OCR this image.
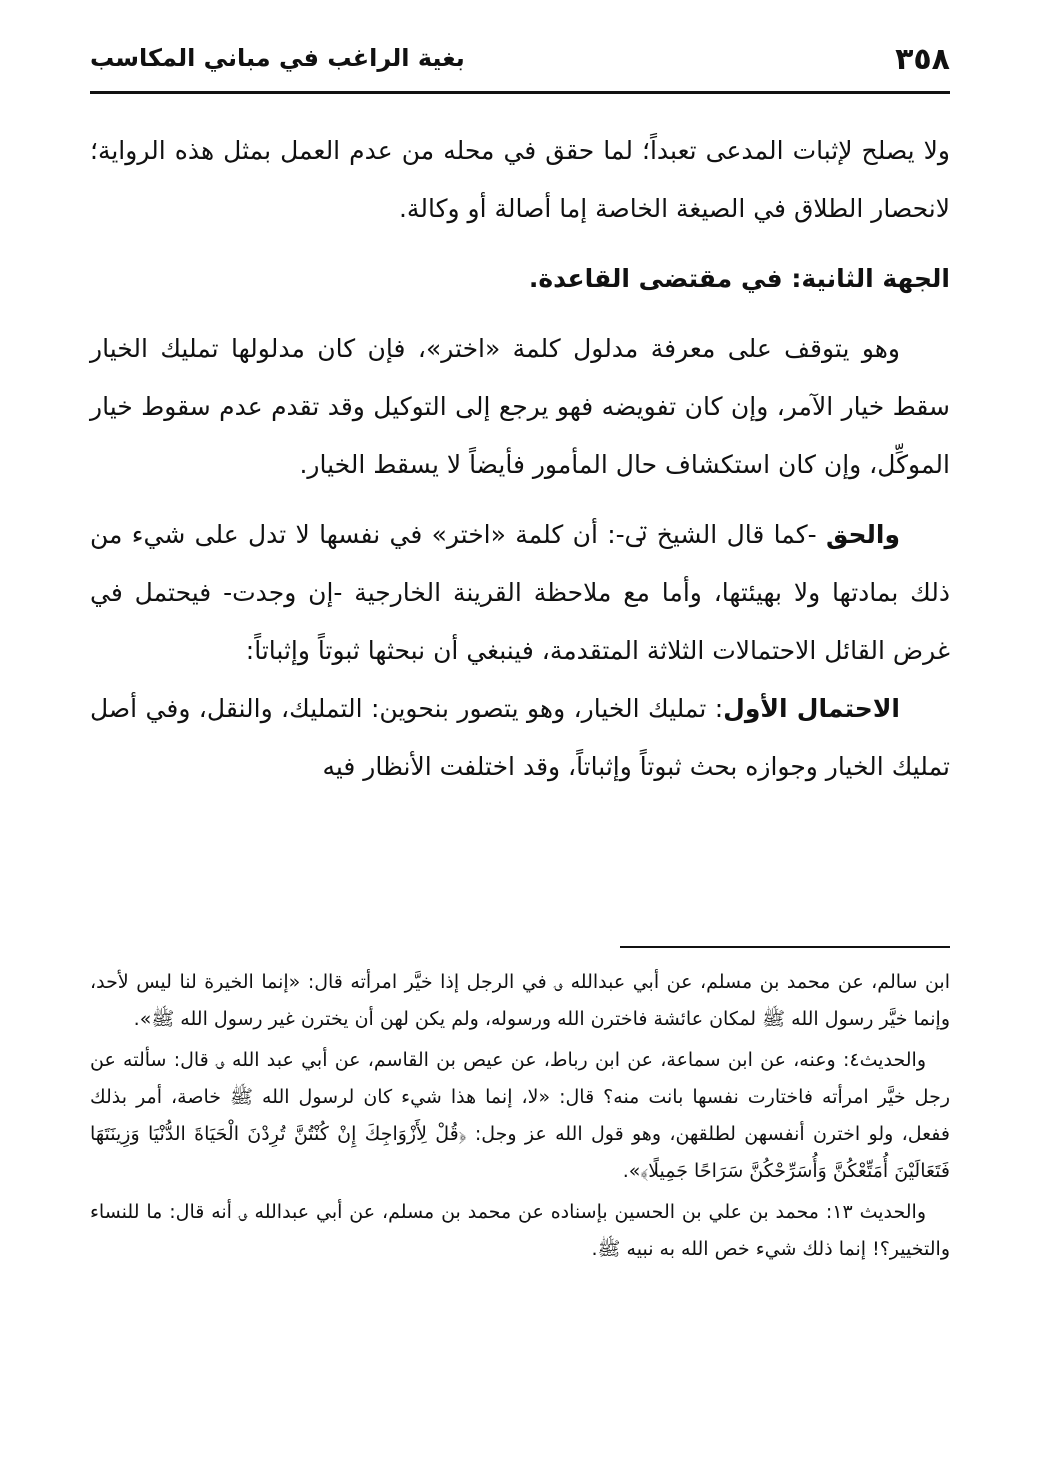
٣٥٨
بغية الراغب في مباني المكاسب

ولا يصلح لإثبات المدعى تعبداً؛ لما حقق في محله من عدم العمل بمثل هذه الرواية؛ لانحصار الطلاق في الصيغة الخاصة إما أصالة أو وكالة.

الجهة الثانية: في مقتضى القاعدة.

وهو يتوقف على معرفة مدلول كلمة «اختر»، فإن كان مدلولها تمليك الخيار سقط خيار الآمر، وإن كان تفويضه فهو يرجع إلى التوكيل وقد تقدم عدم سقوط خيار الموكِّل، وإن كان استكشاف حال المأمور فأيضاً لا يسقط الخيار.

والحق -كما قال الشيخ ﰏ-: أن كلمة «اختر» في نفسها لا تدل على شيء من ذلك بمادتها ولا بهيئتها، وأما مع ملاحظة القرينة الخارجية -إن وجدت- فيحتمل في غرض القائل الاحتمالات الثلاثة المتقدمة، فينبغي أن نبحثها ثبوتاً وإثباتاً:

الاحتمال الأول: تمليك الخيار، وهو يتصور بنحوين: التمليك، والنقل، وفي أصل تمليك الخيار وجوازه بحث ثبوتاً وإثباتاً، وقد اختلفت الأنظار فيه

ابن سالم، عن محمد بن مسلم، عن أبي عبدالله ؈ في الرجل إذا خيَّر امرأته قال: «إنما الخيرة لنا ليس لأحد، وإنما خيَّر رسول الله ﷺ لمكان عائشة فاخترن الله ورسوله، ولم يكن لهن أن يخترن غير رسول الله ﷺ».

والحديث٤: وعنه، عن ابن سماعة، عن ابن رباط، عن عيص بن القاسم، عن أبي عبد الله ؈ قال: سألته عن رجل خيَّر امرأته فاختارت نفسها بانت منه؟ قال: «لا، إنما هذا شيء كان لرسول الله ﷺ خاصة، أمر بذلك ففعل، ولو اخترن أنفسهن لطلقهن، وهو قول الله عز وجل: ﴿قُلْ لِأَزْوَاجِكَ إِنْ كُنْتُنَّ تُرِدْنَ الْحَيَاةَ الدُّنْيَا وَزِينَتَهَا فَتَعَالَيْنَ أُمَتِّعْكُنَّ وَأُسَرِّحْكُنَّ سَرَاحًا جَمِيلًا﴾».

والحديث ١٣: محمد بن علي بن الحسين بإسناده عن محمد بن مسلم، عن أبي عبدالله ؈ أنه قال: ما للنساء والتخيير؟! إنما ذلك شيء خص الله به نبيه ﷺ.
